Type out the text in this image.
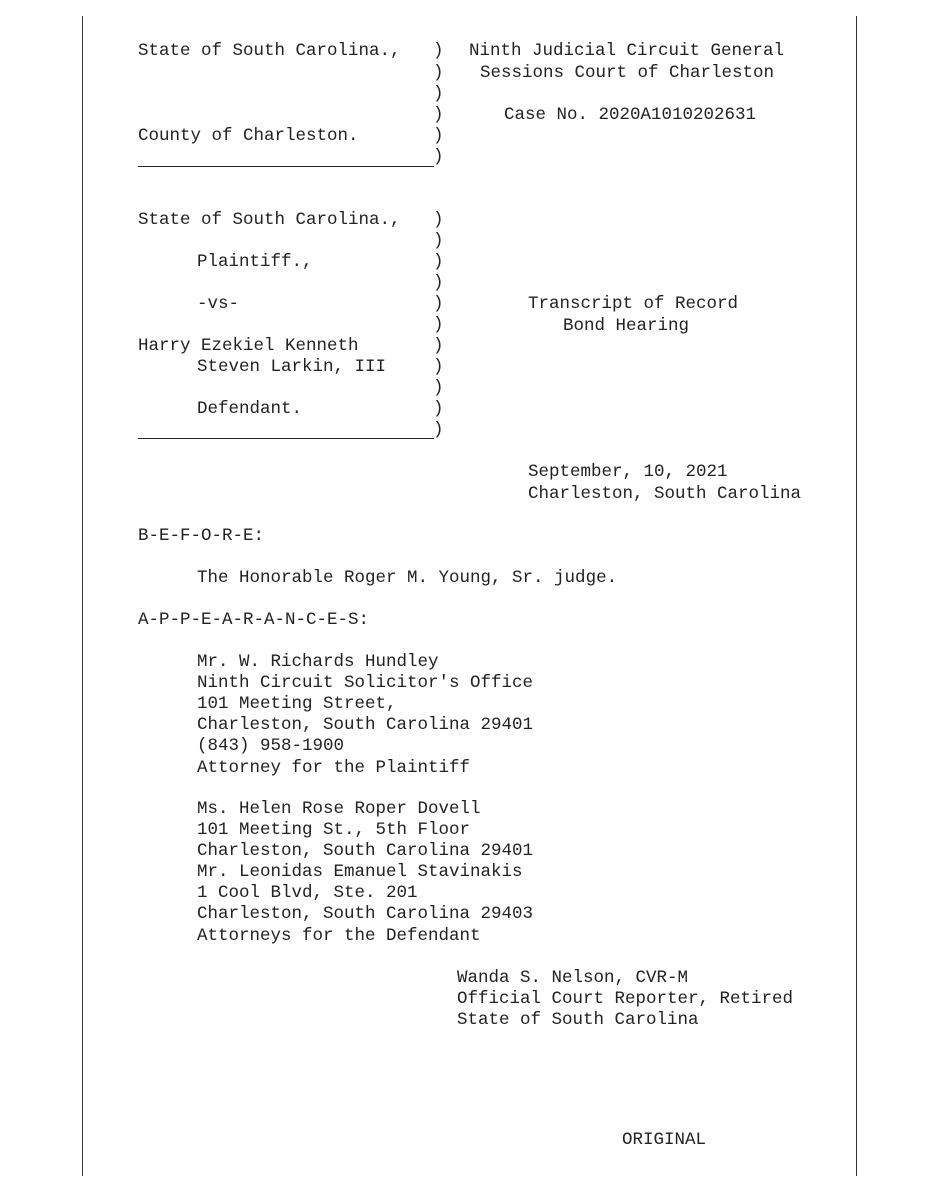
State of South Carolina.,
County of Charleston.
Ninth Judicial Circuit General
Sessions Court of Charleston
Case No. 2020A1010202631
)
)
)
)
)
)
State of South Carolina.,
Plaintiff.,
-vs-
Harry Ezekiel Kenneth
Steven Larkin, III
Defendant.
Transcript of Record
Bond Hearing
)
)
)
)
)
)
)
)
)
)
)
September, 10, 2021
Charleston, South Carolina
B-E-F-O-R-E:
The Honorable Roger M. Young, Sr. judge.
A-P-P-E-A-R-A-N-C-E-S:
Mr. W. Richards Hundley
Ninth Circuit Solicitor's Office
101 Meeting Street,
Charleston, South Carolina 29401
(843) 958-1900
Attorney for the Plaintiff
Ms. Helen Rose Roper Dovell
101 Meeting St., 5th Floor
Charleston, South Carolina 29401
Mr. Leonidas Emanuel Stavinakis
1 Cool Blvd, Ste. 201
Charleston, South Carolina 29403
Attorneys for the Defendant
Wanda S. Nelson, CVR-M
Official Court Reporter, Retired
State of South Carolina
ORIGINAL
